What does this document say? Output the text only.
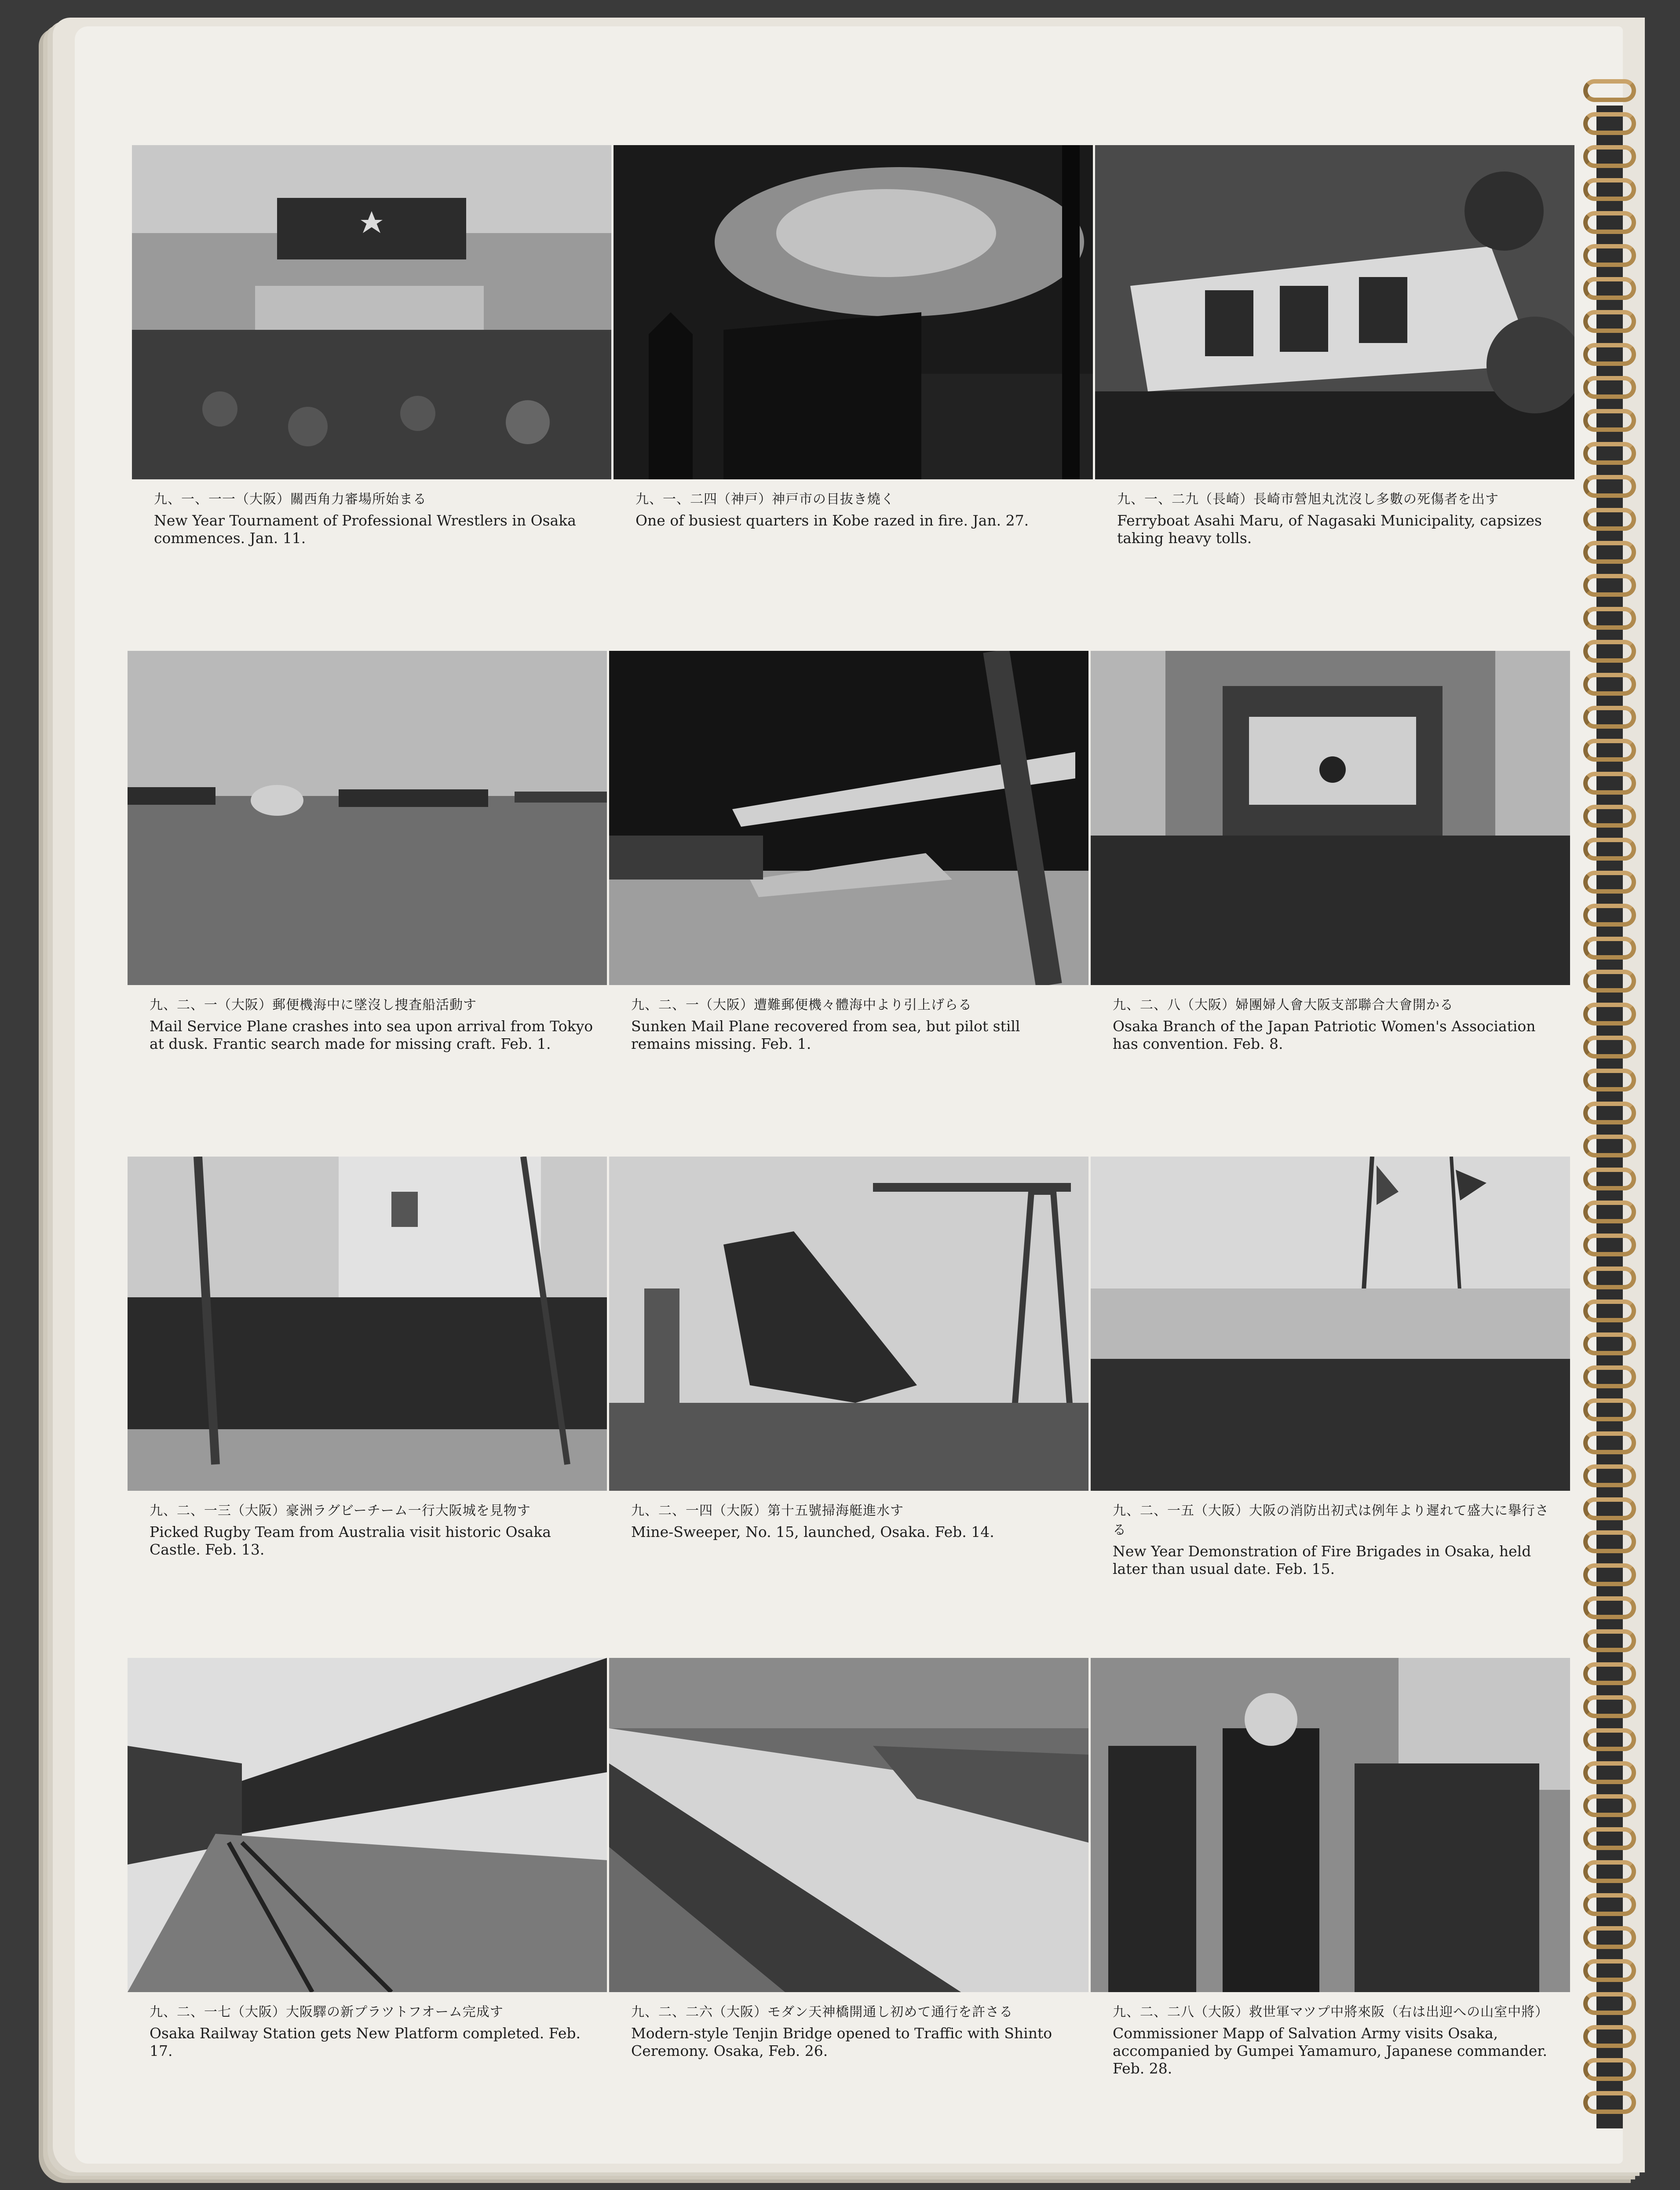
九、一、一一（大阪）關西角力審場所始まる
New Year Tournament of Professional Wrestlers in Osaka commences. Jan. 11.
九、一、二四（神戸）神戸市の目抜き燒く
One of busiest quarters in Kobe razed in fire. Jan. 27.
九、一、二九（長崎）長崎市營旭丸沈沒し多數の死傷者を出す
Ferryboat Asahi Maru, of Nagasaki Municipality, capsizes taking heavy tolls.
九、二、一（大阪）郵便機海中に墜沒し捜査船活動す
Mail Service Plane crashes into sea upon arrival from Tokyo at dusk. Frantic search made for missing craft. Feb. 1.
九、二、一（大阪）遭難郵便機々體海中より引上げらる
Sunken Mail Plane recovered from sea, but pilot still remains missing. Feb. 1.
九、二、八（大阪）婦團婦人會大阪支部聯合大會開かる
Osaka Branch of the Japan Patriotic Women's Association has convention. Feb. 8.
九、二、一三（大阪）豪洲ラグビーチーム一行大阪城を見物す
Picked Rugby Team from Australia visit historic Osaka Castle. Feb. 13.
九、二、一四（大阪）第十五號掃海艇進水す
Mine-Sweeper, No. 15, launched, Osaka. Feb. 14.
九、二、一五（大阪）大阪の消防出初式は例年より遲れて盛大に擧行さる
New Year Demonstration of Fire Brigades in Osaka, held later than usual date. Feb. 15.
九、二、一七（大阪）大阪驛の新プラツトフオーム完成す
Osaka Railway Station gets New Platform completed. Feb. 17.
九、二、二六（大阪）モダン天神橋開通し初めて通行を許さる
Modern-style Tenjin Bridge opened to Traffic with Shinto Ceremony. Osaka, Feb. 26.
九、二、二八（大阪）救世軍マツプ中將來阪（右は出迎への山室中將）
Commissioner Mapp of Salvation Army visits Osaka, accompanied by Gumpei Yamamuro, Japanese commander. Feb. 28.
